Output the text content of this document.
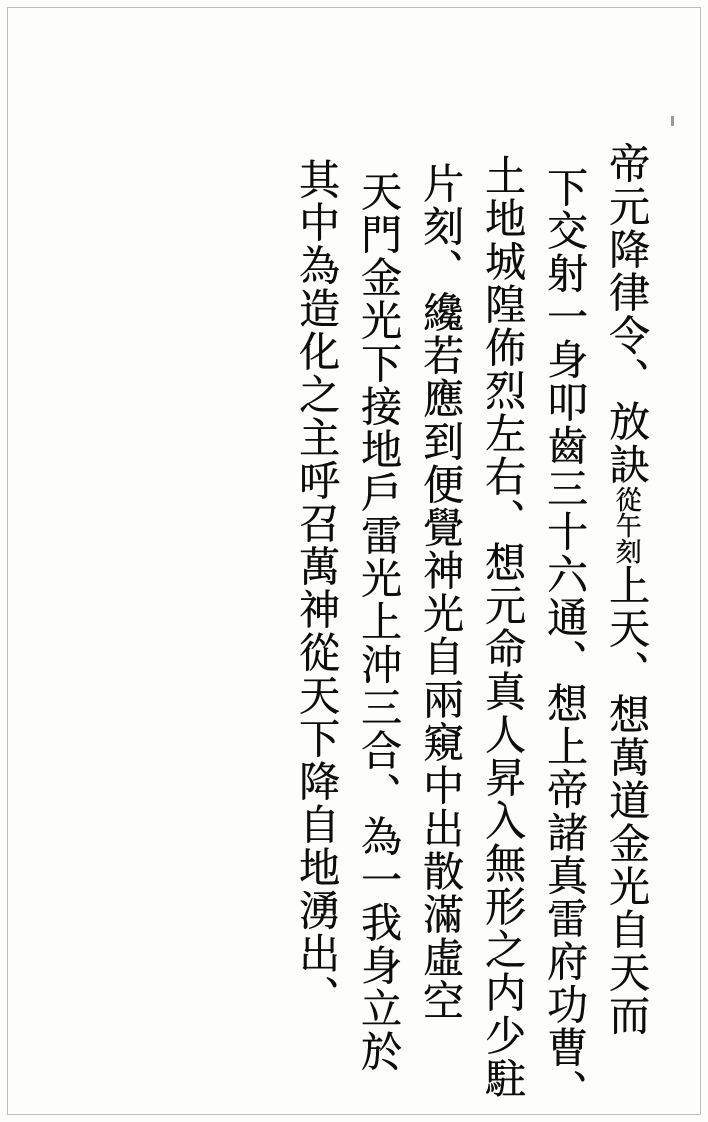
帝元降律令、放訣從午刻上天、想萬道金光自天而
下交射一身叩齒三十六通、想上帝諸真雷府功曹、
土地城隍佈烈左右、想元命真人昇入無形之内少駐
片刻、纔若應到便覺神光自兩窺中出散滿虛空
天門金光下接地戶雷光上沖三合、為一我身立於
其中為造化之主呼召萬神從天下降自地湧出、
